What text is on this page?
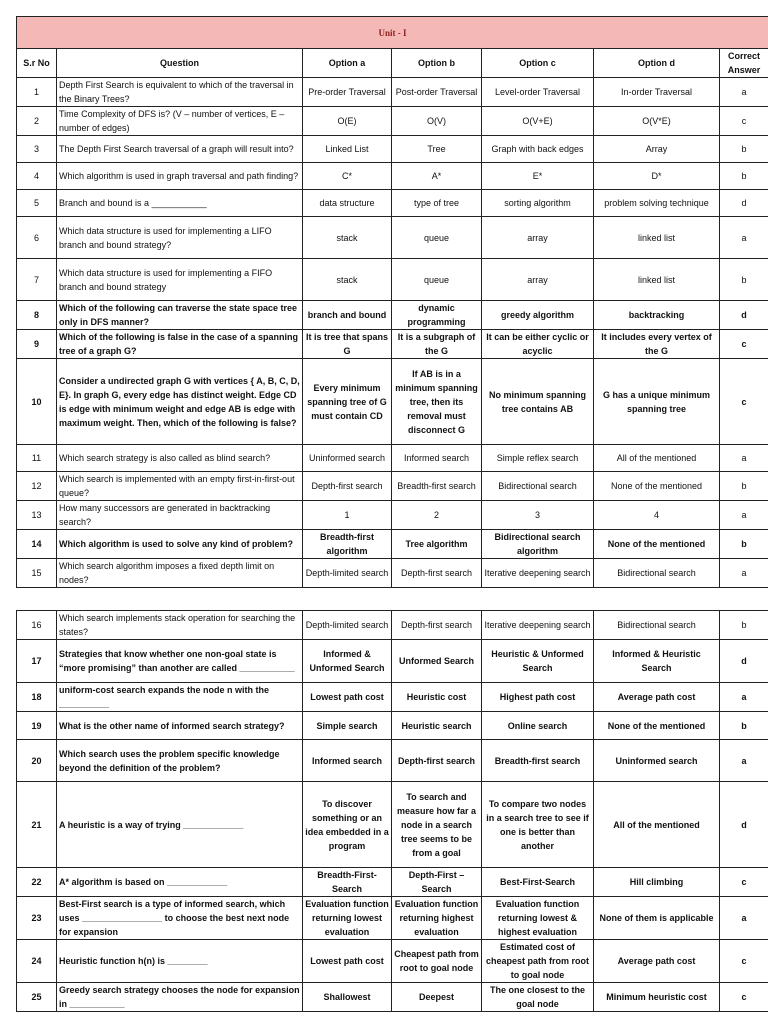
Unit - I						
S.r No	Question	Option a	Option b	Option c	Option d	Correct Answer
1	Depth First Search is equivalent to which of the traversal in the Binary Trees?	Pre-order Traversal	Post-order Traversal	Level-order Traversal	In-order Traversal	a
2	Time Complexity of DFS is? (V – number of vertices, E – number of edges)	O(E)	O(V)	O(V+E)	O(V*E)	c
3	The Depth First Search traversal of a graph will result into?	Linked List	Tree	Graph with back edges	Array	b
4	Which algorithm is used in graph traversal and path finding?	C*	A*	E*	D*	b
5	Branch and bound is a ___________	data structure	type of tree	sorting algorithm	problem solving technique	d
6	Which data structure is used for implementing a LIFO branch and bound strategy?	stack	queue	array	linked list	a
7	Which data structure is used for implementing a FIFO branch and bound strategy	stack	queue	array	linked list	b
8	Which of the following can traverse the state space tree only in DFS manner?	branch and bound	dynamic programming	greedy algorithm	backtracking	d
9	Which of the following is false in the case of a spanning tree of a graph G?	It is tree that spans G	It is a subgraph of the G	It can be either cyclic or acyclic	It includes every vertex of the G	c
10	Consider a undirected graph G with vertices { A, B, C, D, E}. In graph G, every edge has distinct weight. Edge CD is edge with minimum weight and edge AB is edge with maximum weight. Then, which of the following is false?	Every minimum spanning tree of G must contain CD	If AB is in a minimum spanning tree, then its removal must disconnect G	No minimum spanning tree contains AB	G has a unique minimum spanning tree	c
11	Which search strategy is also called as blind search?	Uninformed search	Informed search	Simple reflex search	All of the mentioned	a
12	Which search is implemented with an empty first-in-first-out queue?	Depth-first search	Breadth-first search	Bidirectional search	None of the mentioned	b
13	How many successors are generated in backtracking search?	1	2	3	4	a
14	Which algorithm is used to solve any kind of problem?	Breadth-first algorithm	Tree algorithm	Bidirectional search algorithm	None of the mentioned	b
15	Which search algorithm imposes a fixed depth limit on nodes?	Depth-limited search	Depth-first search	Iterative deepening search	Bidirectional search	a
16	Which search implements stack operation for searching the states?	Depth-limited search	Depth-first search	Iterative deepening search	Bidirectional search	b
17	Strategies that know whether one non-goal state is “more promising” than another are called ___________	Informed & Unformed Search	Unformed Search	Heuristic & Unformed Search	Informed & Heuristic Search	d
18	uniform-cost search expands the node n with the __________	Lowest path cost	Heuristic cost	Highest path cost	Average path cost	a
19	What is the other name of informed search strategy?	Simple search	Heuristic search	Online search	None of the mentioned	b
20	Which search uses the problem specific knowledge beyond the definition of the problem?	Informed search	Depth-first search	Breadth-first search	Uninformed search	a
21	A heuristic is a way of trying ____________	To discover something or an idea embedded in a program	To search and measure how far a node in a search tree seems to be from a goal	To compare two nodes in a search tree to see if one is better than another	All of the mentioned	d
22	A* algorithm is based on ____________	Breadth-First-Search	Depth-First –Search	Best-First-Search	Hill climbing	c
23	Best-First search is a type of informed search, which uses ________________ to choose the best next node for expansion	Evaluation function returning lowest evaluation	Evaluation function returning highest evaluation	Evaluation function returning lowest & highest evaluation	None of them is applicable	a
24	Heuristic function h(n) is ________	Lowest path cost	Cheapest path from root to goal node	Estimated cost of cheapest path from root to goal node	Average path cost	c
25	Greedy search strategy chooses the node for expansion in ___________	Shallowest	Deepest	The one closest to the goal node	Minimum heuristic cost	c
